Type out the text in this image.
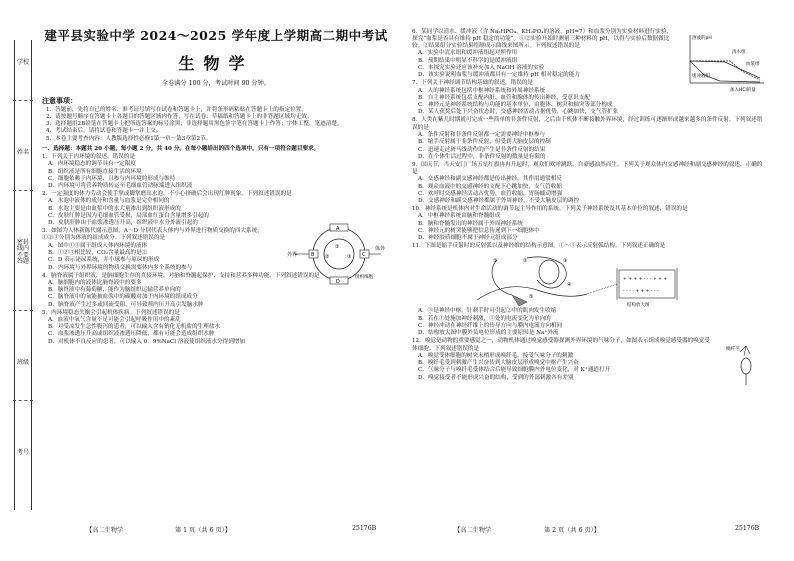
学校
姓名
密封线内不要答题
班级
考号
建平县实验中学 2024～2025 学年度上学期高二期中考试
生物学
全卷满分 100 分，考试时间 90 分钟。
注意事项：
1．答题前，先将自己的姓名、准考证号填写在试卷和答题卡上，并将条形码粘贴在答题卡上的指定位置。
2．请按题号顺序在答题卡上各题目的答题区域内作答，写在试卷、草稿纸和答题卡上的非答题区域均无效。
3．选择题用2B铅笔在答题卡上把所选答案的标号涂黑；非选择题用黑色签字笔在答题卡上作答；字体工整，笔迹清楚。
4．考试结束后，请将试卷和答题卡一并上交。
5．本卷主要考查内容：人教版选择性必修1第一章～第3章第2节。
一、选择题：本题共 20 小题，每小题 2 分，共 40 分。在每小题给出的四个选项中，只有一项符合题目要求。
1．下列关于内环境的叙述，错误的是
A．内环境稳态的调节具有一定限度
B．组织液是所有细胞直接生活的环境
C．细胞依赖于内环境，且参与内环境的形成与维持
D．内环境可将营养物质转运至毛细血管动脉端进入组织液
2．一定强度的体力劳动会使手掌或脚掌磨出水泡，不小心挤破后会出现红肿现象。下列叙述错误的是
A．水泡中液体的成分和含量与血浆是完全相同的
B．水泡主要是由血浆中的水大量渗出到组织液形成的
C．皮肤红肿是因为毛细血管受损，局部血红蛋白含量增多引起的
D．皮肤肝肿由于血浆渗透压升高，组织液中水分外流引起的
3．如图为人体新陈代谢示意图，A～D 分别代表人体内与外界进行物质交换的四大系统，①②③分别为体液的组成成分。下列叙述错误的是
A．图中①③属于组成人体内环境的液体
B．①②③相比较，CO₂含量最高的是②
C．D 表示泌尿系统，并小球参与原尿的形成
D．内环境与外界环境的物质交换需要体内多个系统的参与
外界
体外
A
B	C
D
①
②	③
组织细胞
4．脑脊液属于组织液，是脑细胞生存的直接环境，对脑和脊髓起保护、支持和营养多种功能。下列叙述错误的是
A．脑细胞内的液体比脑脊液中的要多
B．脑脊液中有葡萄糖，能作为脑组织运输营养单向的
C．脑脊液中的氧能被血浆中的碳酸对加于内环境的组成成分
D．脑脊液产生过多或回流受阻，可导致颅内压升高引发脑水肿
5．内环境稳态失衡会引起机体疾病。下列叙述错误的是
A．血液中氧气含量不足可能会引起呼吸作用中的紊乱
B．对受凉发生急性腹泻的患者，可以输入含有钠化无机盐的生理盐水
C．血浆渗透压升高或组织液渗透压降低，都有可能会造成组织水肿
D．对机体不良反应的患者，可以输入 0．9%NaCl 溶液使组织液水分得到增加
6．某同学以清水、缓冲液（含 Na₂HPO₄、KH₂PO₄的溶液，pH=7）和血浆分别为实验材料进行实验，探究“血浆是否具有维持 pH 稳定的功能”。①②实验开始时测量三种材料的 pH，以得与实验后数据做比较；②结果组分实验结果绘制成示曲线来图所示。下列叙述错误的是
A．实验中清水组和缓冲液组起对照作用
B．预期结果中明显不科学的是缓冲液组
C．本探究实验还应该补充加入 NaOH 溶液的实验
D．该实验说明血浆与缓冲液都具有一定维持 pH 相对稳定的能力
溶液的pH
加入HCl的量
清水组
血浆组
缓冲液组
7．下列关于神经调节结构基础的叙述，错误的是
A．人的神经系统包括中枢神经系统和外周神经系统
B．自主神经系统包括支配内脏、血管和腺体的传出神经，受意识支配
C．神经元是神经系统结构与功能的基本单位，由胞体、树突和轴突等部分构成
D．某人获奖后处于兴奋状态时，交感神经活动占据优势，心跳加快，支气管扩张
8．人类在紫儿时期就可完成一些简单的非条件反射，之后由于机体不断接触外界环境，经过训练可逐渐形成越来越多的条件反射。下列叙述错误的是
A．条件反射和非条件反射都一定需要神经中枢参与
B．缩手反射属于非条件反射，但受到大脑皮层的控制
C．迅速走过斑马线动作的产生是非条件反射的结果
D．在个体生活过程中，非条件反射的数量是有限的
9．国庆节，当天安门广场五星红旗冉冉升起时，观众们欢呼跳跃，自豪感油然而生。下列关于观众体内交感神经和副交感神经的叙述，正确的是
A．交感神经和副交感神经都是传出神经，其作用通常相反
B．观众血液中的交感神经的支配下心跳加快，支气管收缩
C．欢呼时交感神经活动占优势，血管收缩，胃肠蠕动增强
D．交感神经和副交感神经都属于外周神经，不受大脑皮层的调控
10．神经系统是机体内对生命活动的调节起主导作用的系统。下列关于神经系统及其基本单位的叙述，错误的是
A．中枢神经系统由脑和脊髓组成
B．脑和脊髓发出的神经属于外周神经系统
C．神经元的树突能够把信息传递到下一细胞体中
D．神经胶质细胞不属于神经元组成部分
11．下图是缩手反射时的反射弧以及神经维的结构示意图。①～⑤表示反射弧结构。下列叙述正确的是
+ + + + - - - + + +
- - - - + + + - - -
结构放大图
①	②	③
④
⑤
A．③是神经中枢，针刺手时可引起②中的肌肉发生收缩
B．若在①处施加神经刺激，⑤处的电流变化为单向的
C．神经冲动在神经纤维上的传导方向与膜内电流方向相同
D．结构放大图中膜外负电位形成的主要原因是 Na⁺外流
12．嗅觉是动物的重要感觉之一，动物机体通过嗅觉感受器探测外界环境的气味分子，如图表示组成嗅觉感受器的嗅觉受体细胞。下列叙述错误的是
A．嗅觉受体细胞的树突末梢形成嗅纤毛，接受气味分子的刺激
B．嗅纤毛受到刺激产生兴奋传到大脑皮层形成嗅觉中枢产生兴奋
C．气味分子与嗅纤毛受体结合后能导致细胞膜内外电位变化，对 K⁺通道打开
D．嗅觉接受者不能形成兴奋的结构，受到的外部刺激各有差别
嗅纤毛
【高二生物学	第 1 页（共 6 页）】	25176B	【高二生物学	第 2 页（共 6 页）】	25176B
